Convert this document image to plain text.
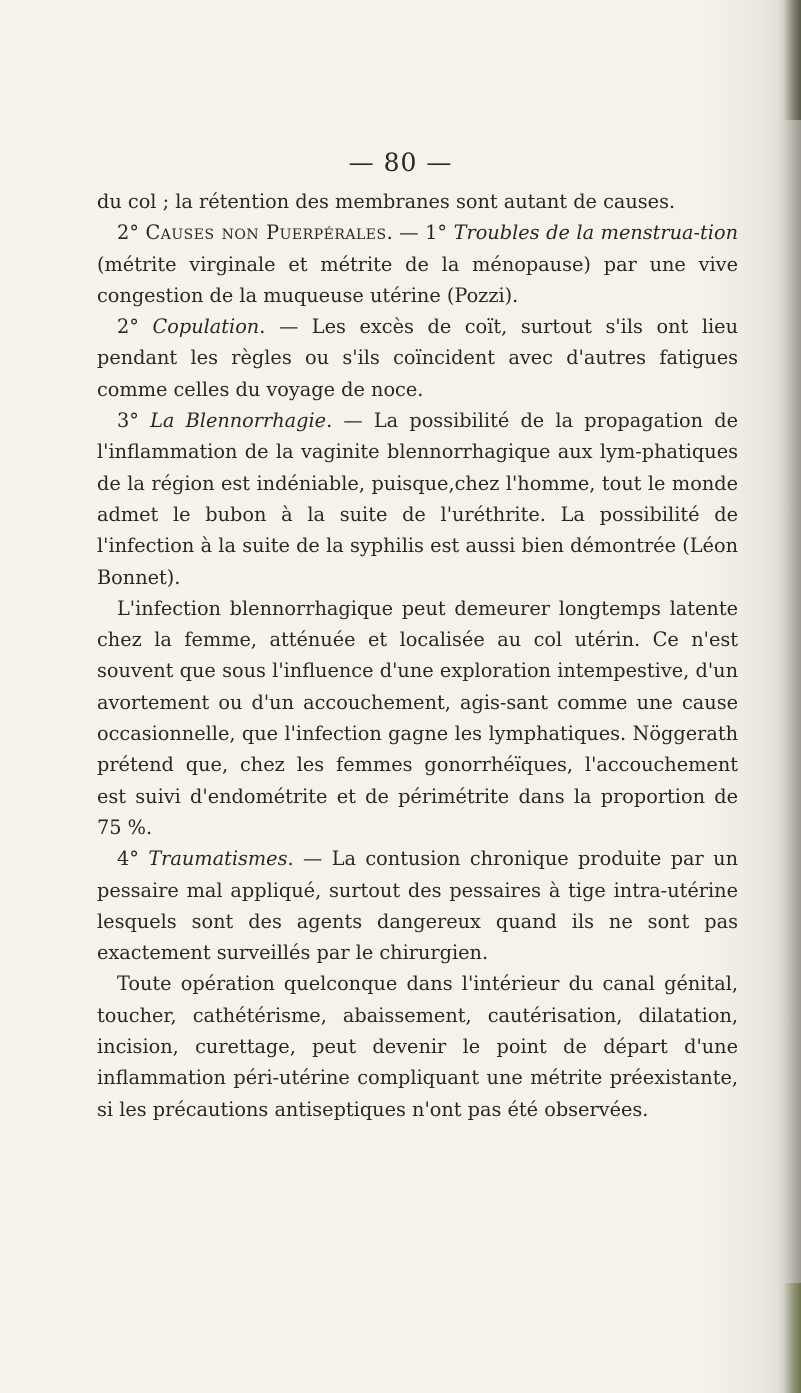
— 80 —

du col ; la rétention des membranes sont autant de causes.

2° Causes non Puerpérales. — 1° Troubles de la menstrua-tion (métrite virginale et métrite de la ménopause) par une vive congestion de la muqueuse utérine (Pozzi).

2° Copulation. — Les excès de coït, surtout s'ils ont lieu pendant les règles ou s'ils coïncident avec d'autres fatigues comme celles du voyage de noce.

3° La Blennorrhagie. — La possibilité de la propagation de l'inflammation de la vaginite blennorrhagique aux lym-phatiques de la région est indéniable, puisque,chez l'homme, tout le monde admet le bubon à la suite de l'uréthrite. La possibilité de l'infection à la suite de la syphilis est aussi bien démontrée (Léon Bonnet).

L'infection blennorrhagique peut demeurer longtemps latente chez la femme, atténuée et localisée au col utérin. Ce n'est souvent que sous l'influence d'une exploration intempestive, d'un avortement ou d'un accouchement, agis-sant comme une cause occasionnelle, que l'infection gagne les lymphatiques. Nöggerath prétend que, chez les femmes gonorrhéïques, l'accouchement est suivi d'endométrite et de périmétrite dans la proportion de 75 %.

4° Traumatismes. — La contusion chronique produite par un pessaire mal appliqué, surtout des pessaires à tige intra-utérine lesquels sont des agents dangereux quand ils ne sont pas exactement surveillés par le chirurgien.

Toute opération quelconque dans l'intérieur du canal génital, toucher, cathétérisme, abaissement, cautérisation, dilatation, incision, curettage, peut devenir le point de départ d'une inflammation péri-utérine compliquant une métrite préexistante, si les précautions antiseptiques n'ont pas été observées.
